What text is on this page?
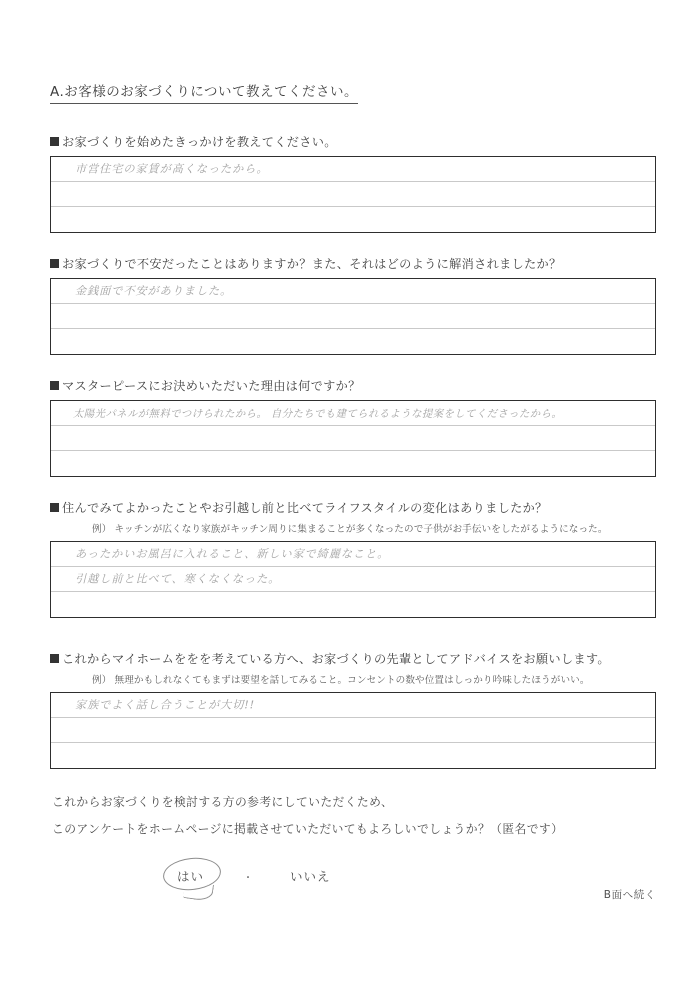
A.お客様のお家づくりについて教えてください。
お家づくりを始めたきっかけを教えてください。
市営住宅の家賃が高くなったから。
お家づくりで不安だったことはありますか？また、それはどのように解消されましたか？
金銭面で不安がありました。
マスターピースにお決めいただいた理由は何ですか？
太陽光パネルが無料でつけられたから。 自分たちでも建てられるような提案をしてくださったから。
住んでみてよかったことやお引越し前と比べてライフスタイルの変化はありましたか？
例） キッチンが広くなり家族がキッチン周りに集まることが多くなったので子供がお手伝いをしたがるようになった。
あったかいお風呂に入れること、新しい家で綺麗なこと。
引越し前と比べて、寒くなくなった。
これからマイホームををを考えている方へ、お家づくりの先輩としてアドバイスをお願いします。
例） 無理かもしれなくてもまずは要望を話してみること。コンセントの数や位置はしっかり吟味したほうがいい。
家族でよく話し合うことが大切!!
これからお家づくりを検討する方の参考にしていただくため、
このアンケートをホームページに掲載させていただいてもよろしいでしょうか？（匿名です）
はい	・	いいえ
B面へ続く
